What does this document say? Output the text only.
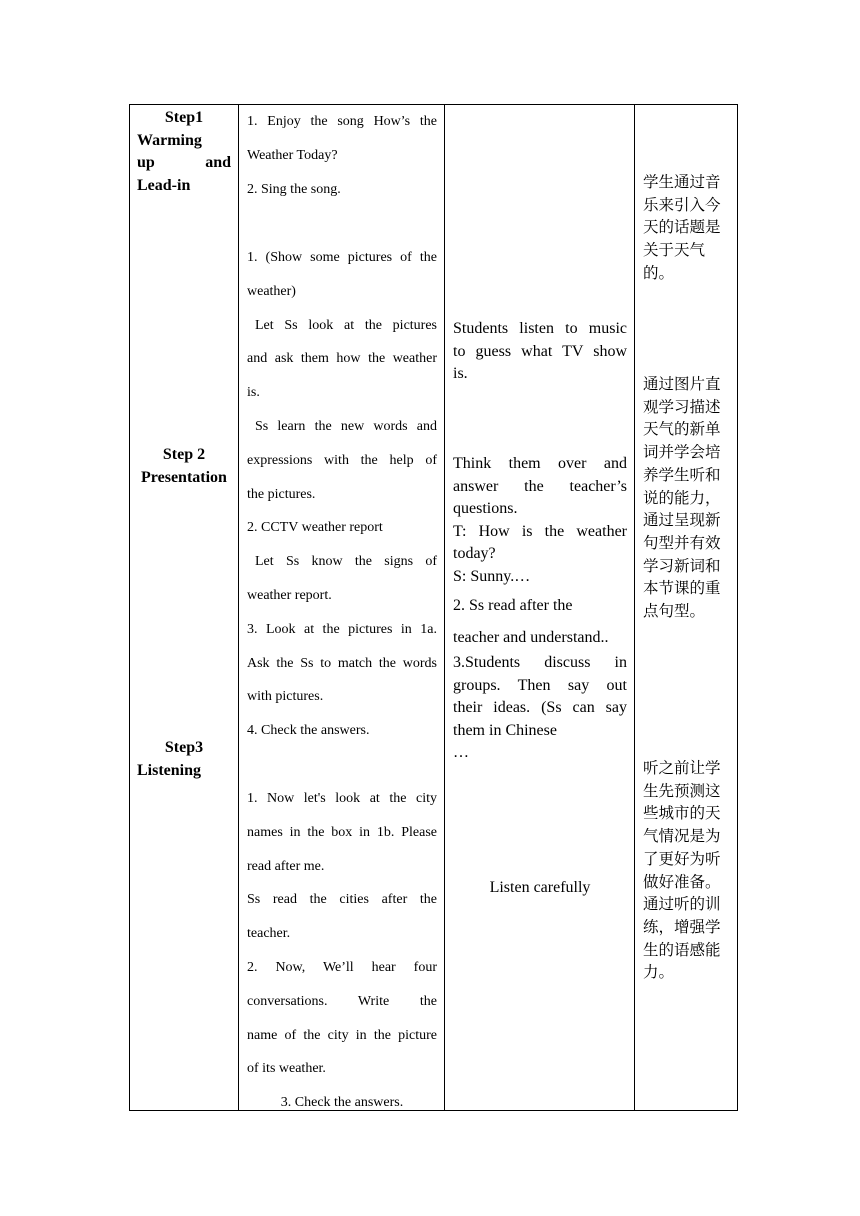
Step1
Warming
up	and
Lead-in
Step 2
Presentation
Step3
Listening

1. Enjoy the song How’s the

Weather Today?

2. Sing the song.

1. (Show some pictures of the

weather)

Let Ss look at the pictures

and ask them how the weather

is.

Ss learn the new words and

expressions with the help of

the pictures.

2. CCTV weather report

Let Ss know the signs of

weather report.

3. Look at the pictures in 1a.

Ask the Ss to match the words

with pictures.

4. Check the answers.

1. Now let's look at the city

names in the box in 1b. Please

read after me.

Ss read the cities after the

teacher.

2. Now, We’ll hear four

conversations. Write the

name of the city in the picture

of its weather.

3. Check the answers.

Students listen to music

to guess what TV show

is.

Think them over and

answer the teacher’s

questions.

T: How is the weather

today?

S: Sunny.…

2. Ss read after the

teacher and understand..

3.Students discuss in

groups. Then say out

their ideas. (Ss can say

them in Chinese

…

Listen carefully

学生通过音乐来引入今天的话题是关于天气的。

通过图片直观学习描述天气的新单词并学会培养学生听和说的能力，通过呈现新句型并有效学习新词和本节课的重点句型。

听之前让学生先预测这些城市的天气情况是为了更好为听做好准备。通过听的训练，增强学生的语感能力。
